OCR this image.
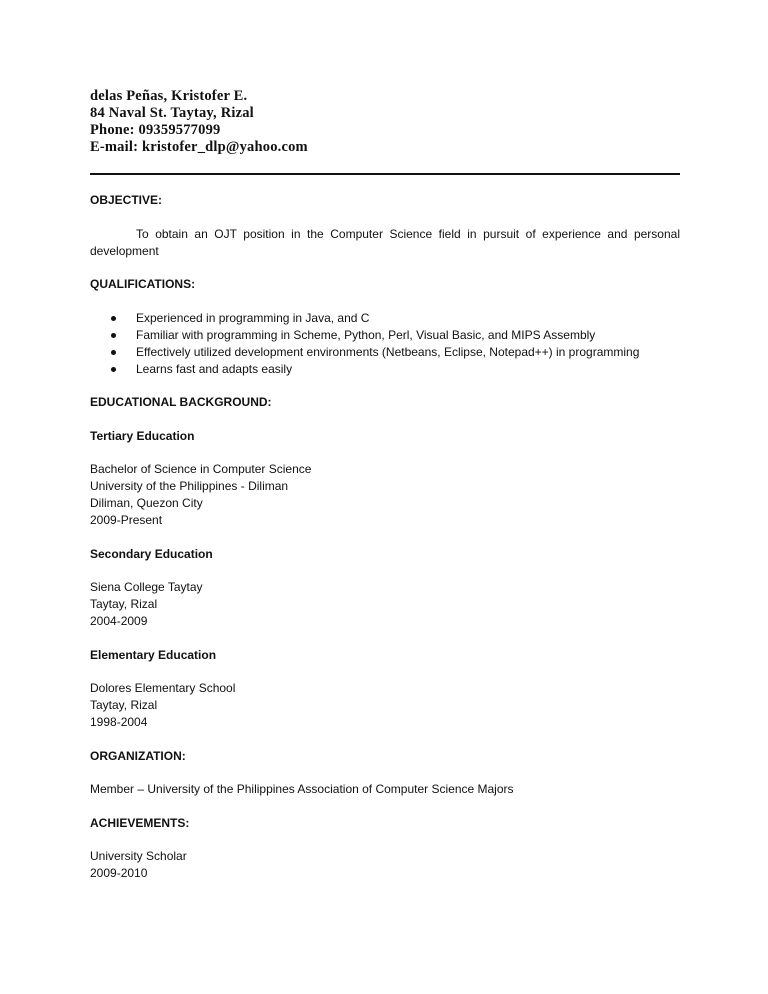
delas Peñas, Kristofer E.
84 Naval St. Taytay, Rizal
Phone: 09359577099
E-mail: kristofer_dlp@yahoo.com

OBJECTIVE:

To obtain an OJT position in the Computer Science field in pursuit of experience and personal development

QUALIFICATIONS:

Experienced in programming in Java, and C
Familiar with programming in Scheme, Python, Perl, Visual Basic, and MIPS Assembly
Effectively utilized development environments (Netbeans, Eclipse, Notepad++) in programming
Learns fast and adapts easily

EDUCATIONAL BACKGROUND:

Tertiary Education

Bachelor of Science in Computer Science
University of the Philippines - Diliman
Diliman, Quezon City
2009-Present

Secondary Education

Siena College Taytay
Taytay, Rizal
2004-2009

Elementary Education

Dolores Elementary School
Taytay, Rizal
1998-2004

ORGANIZATION:

Member – University of the Philippines Association of Computer Science Majors

ACHIEVEMENTS:

University Scholar
2009-2010
